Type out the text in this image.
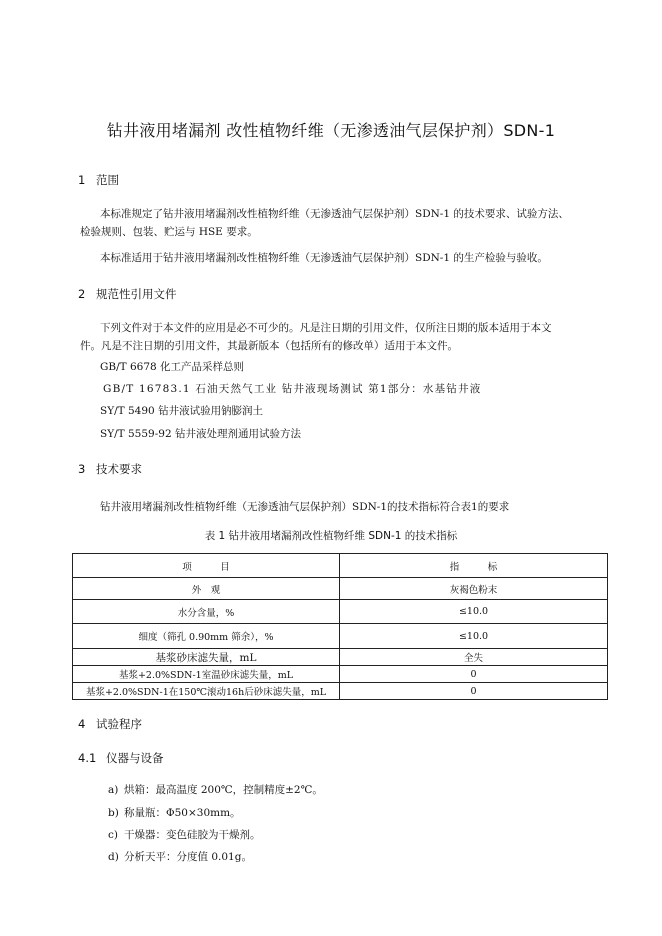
钻井液用堵漏剂 改性植物纤维（无渗透油气层保护剂）SDN-1
1 范围
本标准规定了钻井液用堵漏剂改性植物纤维（无渗透油气层保护剂）SDN-1 的技术要求、试验方法、
检验规则、包装、贮运与 HSE 要求。
本标准适用于钻井液用堵漏剂改性植物纤维（无渗透油气层保护剂）SDN-1 的生产检验与验收。
2 规范性引用文件
下列文件对于本文件的应用是必不可少的。凡是注日期的引用文件，仅所注日期的版本适用于本文
件。凡是不注日期的引用文件，其最新版本（包括所有的修改单）适用于本文件。
GB/T 6678 化工产品采样总则
GB/T 16783.1 石油天然气工业 钻井液现场测试 第1部分：水基钻井液
SY/T 5490 钻井液试验用钠膨润土
SY/T 5559-92 钻井液处理剂通用试验方法
3 技术要求
钻井液用堵漏剂改性植物纤维（无渗透油气层保护剂）SDN-1的技术指标符合表1的要求
表 1 钻井液用堵漏剂改性植物纤维 SDN-1 的技术指标
项　　　目	指　　　标
外　观	灰褐色粉末
水分含量，%	≤10.0
细度（筛孔 0.90mm 筛余），%	≤10.0
基浆砂床滤失量，mL	全失
基浆+2.0%SDN-1室温砂床滤失量，mL	0
基浆+2.0%SDN-1在150℃滚动16h后砂床滤失量，mL	0
4 试验程序
4.1 仪器与设备
a) 烘箱：最高温度 200℃，控制精度±2℃。
b) 称量瓶：Φ50×30mm。
c) 干燥器：变色硅胶为干燥剂。
d) 分析天平：分度值 0.01g。
